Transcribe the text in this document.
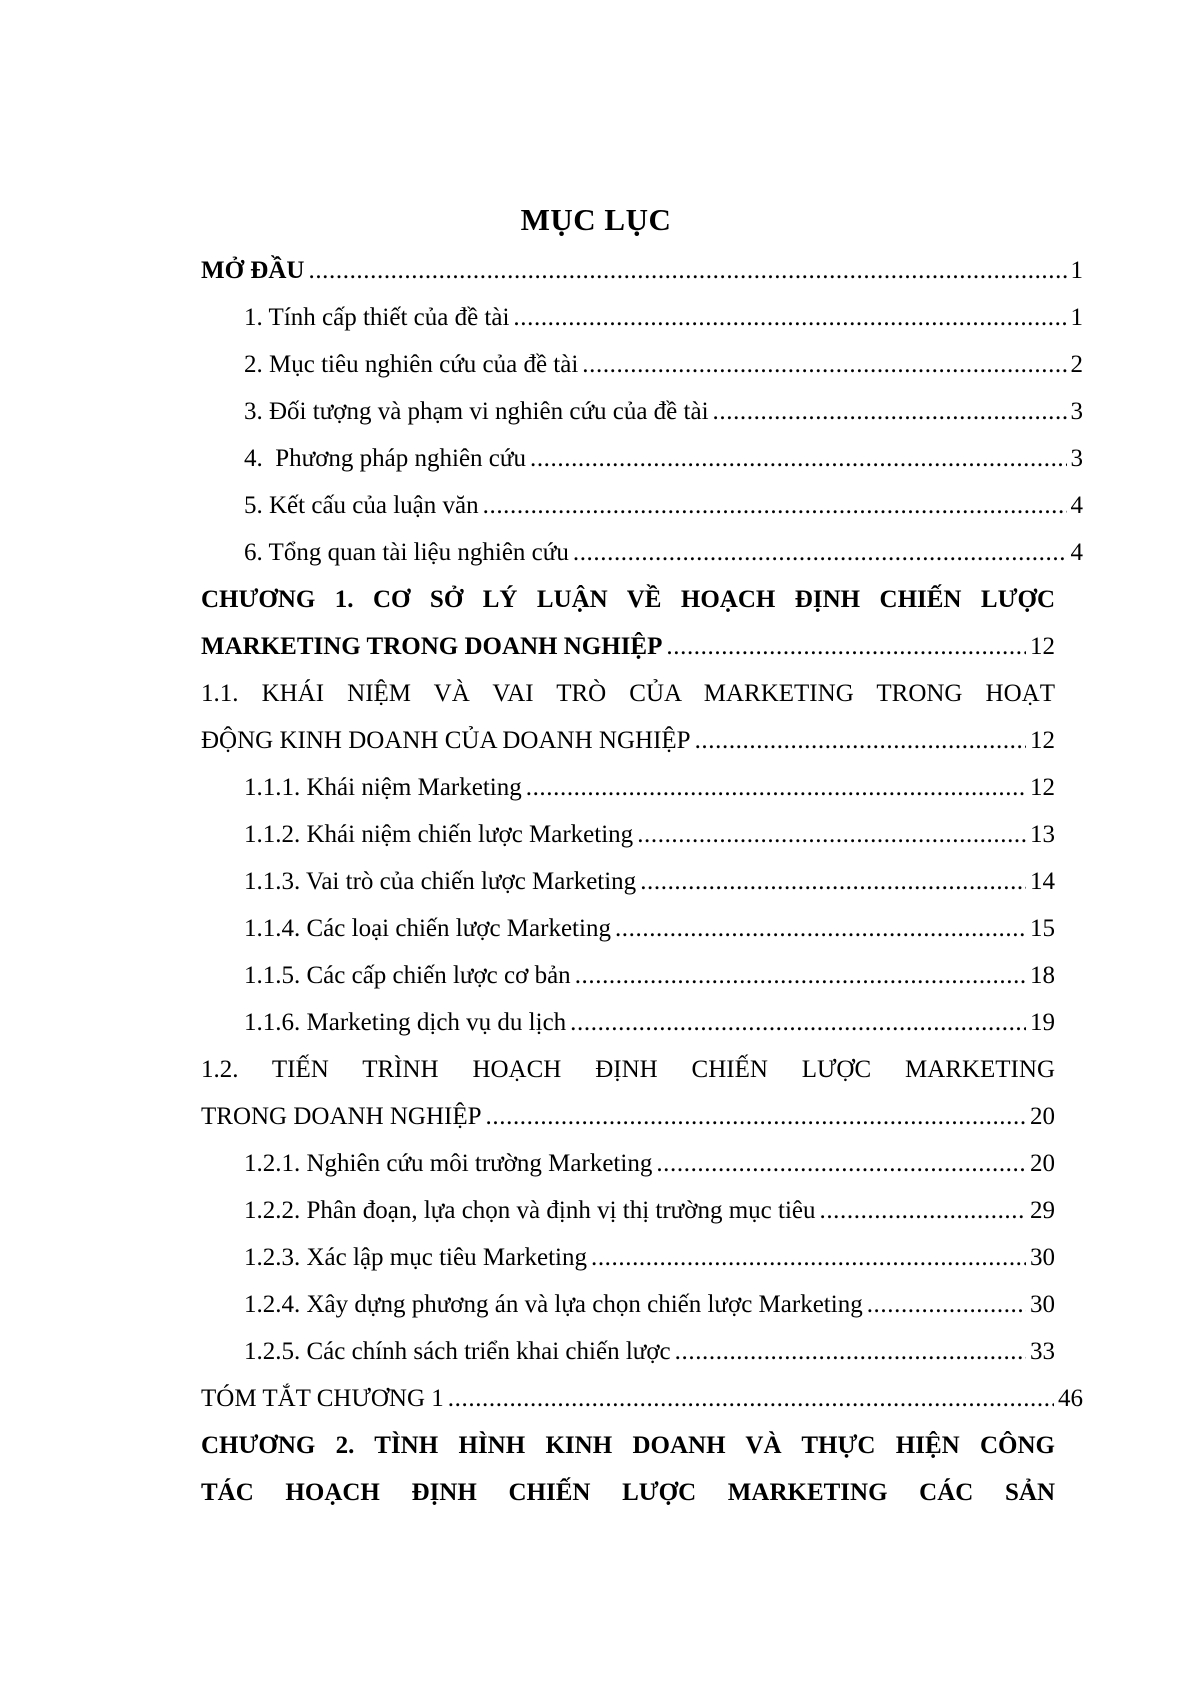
MỤC LỤC
MỞ ĐẦU .....	1
1. Tính cấp thiết của đề tài .....	1
2. Mục tiêu nghiên cứu của đề tài .....	2
3. Đối tượng và phạm vi nghiên cứu của đề tài .....	3
4.  Phương pháp nghiên cứu .....	3
5. Kết cấu của luận văn .....	4
6. Tổng quan tài liệu nghiên cứu .....	4
CHƯƠNG 1. CƠ SỞ LÝ LUẬN VỀ HOẠCH ĐỊNH CHIẾN LƯỢC
MARKETING TRONG DOANH NGHIỆP .....	12
1.1. KHÁI NIỆM VÀ VAI TRÒ CỦA MARKETING TRONG HOẠT
ĐỘNG KINH DOANH CỦA DOANH NGHIỆP .....	12
1.1.1. Khái niệm Marketing .....	12
1.1.2. Khái niệm chiến lược Marketing .....	13
1.1.3. Vai trò của chiến lược Marketing .....	14
1.1.4. Các loại chiến lược Marketing .....	15
1.1.5. Các cấp chiến lược cơ bản .....	18
1.1.6. Marketing dịch vụ du lịch .....	19
1.2. TIẾN TRÌNH HOẠCH ĐỊNH CHIẾN LƯỢC MARKETING
TRONG DOANH NGHIỆP .....	20
1.2.1. Nghiên cứu môi trường Marketing .....	20
1.2.2. Phân đoạn, lựa chọn và định vị thị trường mục tiêu .....	29
1.2.3. Xác lập mục tiêu Marketing .....	30
1.2.4. Xây dựng phương án và lựa chọn chiến lược Marketing .....	30
1.2.5. Các chính sách triển khai chiến lược .....	33
TÓM TẮT CHƯƠNG 1 .....	46
CHƯƠNG 2. TÌNH HÌNH KINH DOANH VÀ THỰC HIỆN CÔNG
TÁC HOẠCH ĐỊNH CHIẾN LƯỢC MARKETING CÁC SẢN
